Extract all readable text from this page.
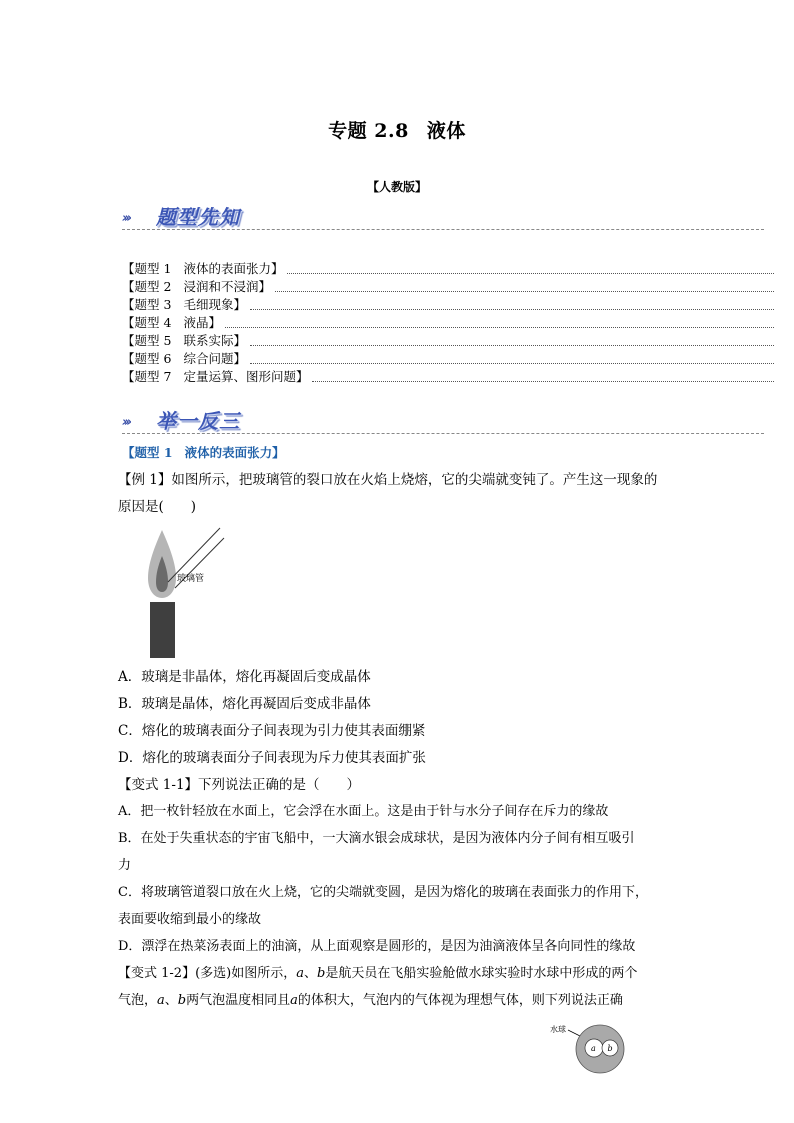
专题 2.8 液体
【人教版】
››› 题型先知
【题型 1 液体的表面张力】
【题型 2 浸润和不浸润】
【题型 3 毛细现象】
【题型 4 液晶】
【题型 5 联系实际】
【题型 6 综合问题】
【题型 7 定量运算、图形问题】
››› 举一反三
【题型 1 液体的表面张力】
【例 1】如图所示，把玻璃管的裂口放在火焰上烧熔，它的尖端就变钝了。产生这一现象的
原因是(　　)
玻璃管
A．玻璃是非晶体，熔化再凝固后变成晶体
B．玻璃是晶体，熔化再凝固后变成非晶体
C．熔化的玻璃表面分子间表现为引力使其表面绷紧
D．熔化的玻璃表面分子间表现为斥力使其表面扩张
【变式 1-1】下列说法正确的是（　　）
A．把一枚针轻放在水面上，它会浮在水面上。这是由于针与水分子间存在斥力的缘故
B．在处于失重状态的宇宙飞船中，一大滴水银会成球状，是因为液体内分子间有相互吸引
力
C．将玻璃管道裂口放在火上烧，它的尖端就变圆，是因为熔化的玻璃在表面张力的作用下，
表面要收缩到最小的缘故
D．漂浮在热菜汤表面上的油滴，从上面观察是圆形的，是因为油滴液体呈各向同性的缘故
【变式 1-2】(多选)如图所示，a、b是航天员在飞船实验舱做水球实验时水球中形成的两个
气泡，a、b两气泡温度相同且a的体积大，气泡内的气体视为理想气体，则下列说法正确
水球
a b
